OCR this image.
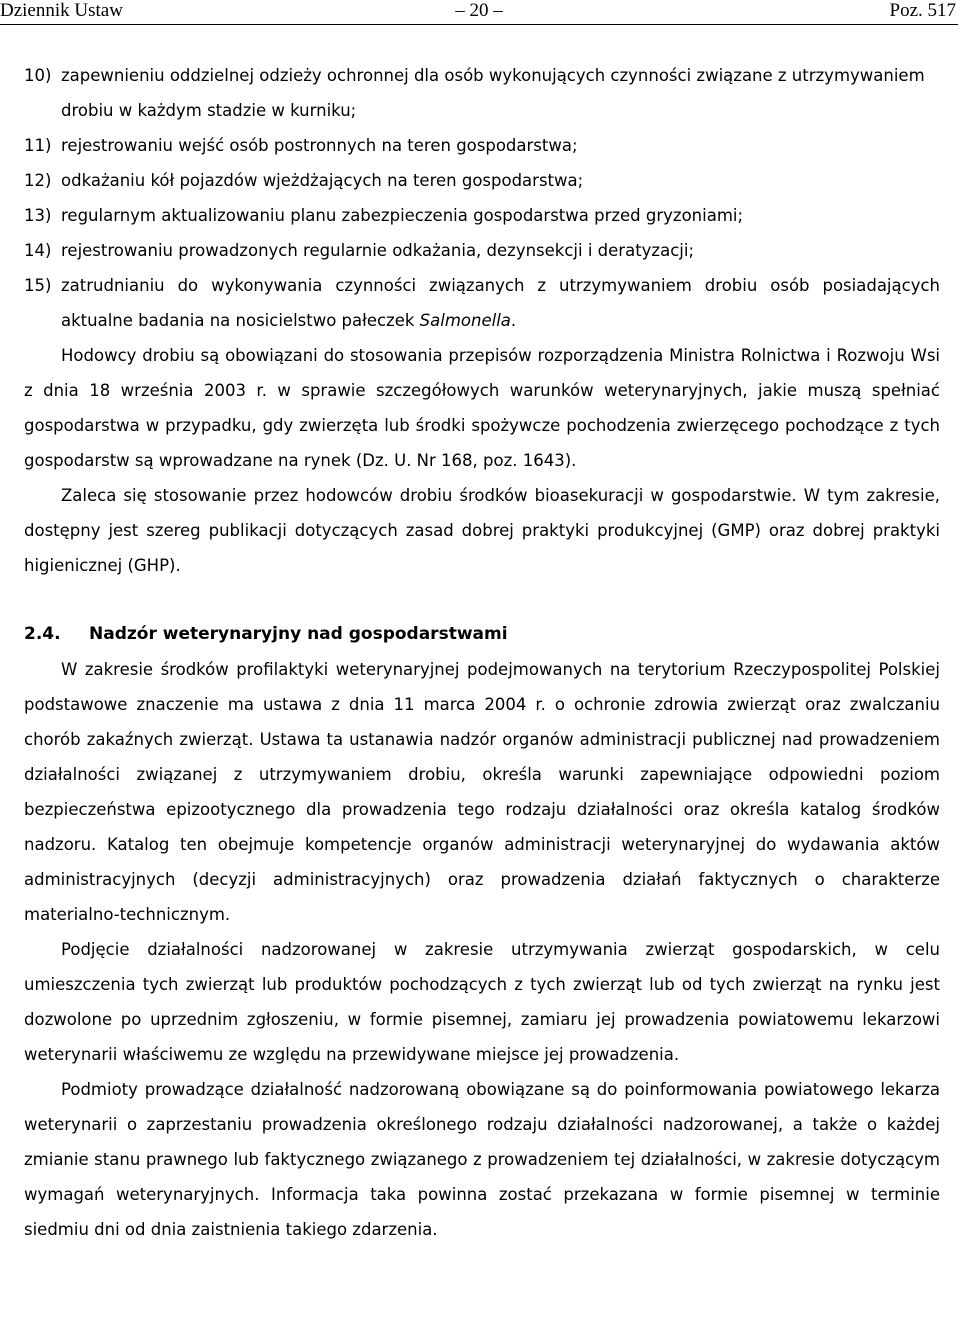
– 20 –
Dziennik Ustaw	Poz. 517
10) zapewnieniu oddzielnej odzieży ochronnej dla osób wykonujących czynności związane z utrzymywaniem drobiu w każdym stadzie w kurniku;
11) rejestrowaniu wejść osób postronnych na teren gospodarstwa;
12) odkażaniu kół pojazdów wjeżdżających na teren gospodarstwa;
13) regularnym aktualizowaniu planu zabezpieczenia gospodarstwa przed gryzoniami;
14) rejestrowaniu prowadzonych regularnie odkażania, dezynsekcji i deratyzacji;
15) zatrudnianiu do wykonywania czynności związanych z utrzymywaniem drobiu osób posiadających aktualne badania na nosicielstwo pałeczek Salmonella.
Hodowcy drobiu są obowiązani do stosowania przepisów rozporządzenia Ministra Rolnictwa i Rozwoju Wsi z dnia 18 września 2003 r. w sprawie szczegółowych warunków weterynaryjnych, jakie muszą spełniać gospodarstwa w przypadku, gdy zwierzęta lub środki spożywcze pochodzenia zwierzęcego pochodzące z tych gospodarstw są wprowadzane na rynek (Dz. U. Nr 168, poz. 1643).
Zaleca się stosowanie przez hodowców drobiu środków bioasekuracji w gospodarstwie. W tym zakresie, dostępny jest szereg publikacji dotyczących zasad dobrej praktyki produkcyjnej (GMP) oraz dobrej praktyki higienicznej (GHP).
2.4.	Nadzór weterynaryjny nad gospodarstwami
W zakresie środków profilaktyki weterynaryjnej podejmowanych na terytorium Rzeczypospolitej Polskiej podstawowe znaczenie ma ustawa z dnia 11 marca 2004 r. o ochronie zdrowia zwierząt oraz zwalczaniu chorób zakaźnych zwierząt. Ustawa ta ustanawia nadzór organów administracji publicznej nad prowadzeniem działalności związanej z utrzymywaniem drobiu, określa warunki zapewniające odpowiedni poziom bezpieczeństwa epizootycznego dla prowadzenia tego rodzaju działalności oraz określa katalog środków nadzoru. Katalog ten obejmuje kompetencje organów administracji weterynaryjnej do wydawania aktów administracyjnych (decyzji administracyjnych) oraz prowadzenia działań faktycznych o charakterze materialno-technicznym.
Podjęcie działalności nadzorowanej w zakresie utrzymywania zwierząt gospodarskich, w celu umieszczenia tych zwierząt lub produktów pochodzących z tych zwierząt lub od tych zwierząt na rynku jest dozwolone po uprzednim zgłoszeniu, w formie pisemnej, zamiaru jej prowadzenia powiatowemu lekarzowi weterynarii właściwemu ze względu na przewidywane miejsce jej prowadzenia.
Podmioty prowadzące działalność nadzorowaną obowiązane są do poinformowania powiatowego lekarza weterynarii o zaprzestaniu prowadzenia określonego rodzaju działalności nadzorowanej, a także o każdej zmianie stanu prawnego lub faktycznego związanego z prowadzeniem tej działalności, w zakresie dotyczącym wymagań weterynaryjnych. Informacja taka powinna zostać przekazana w formie pisemnej w terminie siedmiu dni od dnia zaistnienia takiego zdarzenia.
